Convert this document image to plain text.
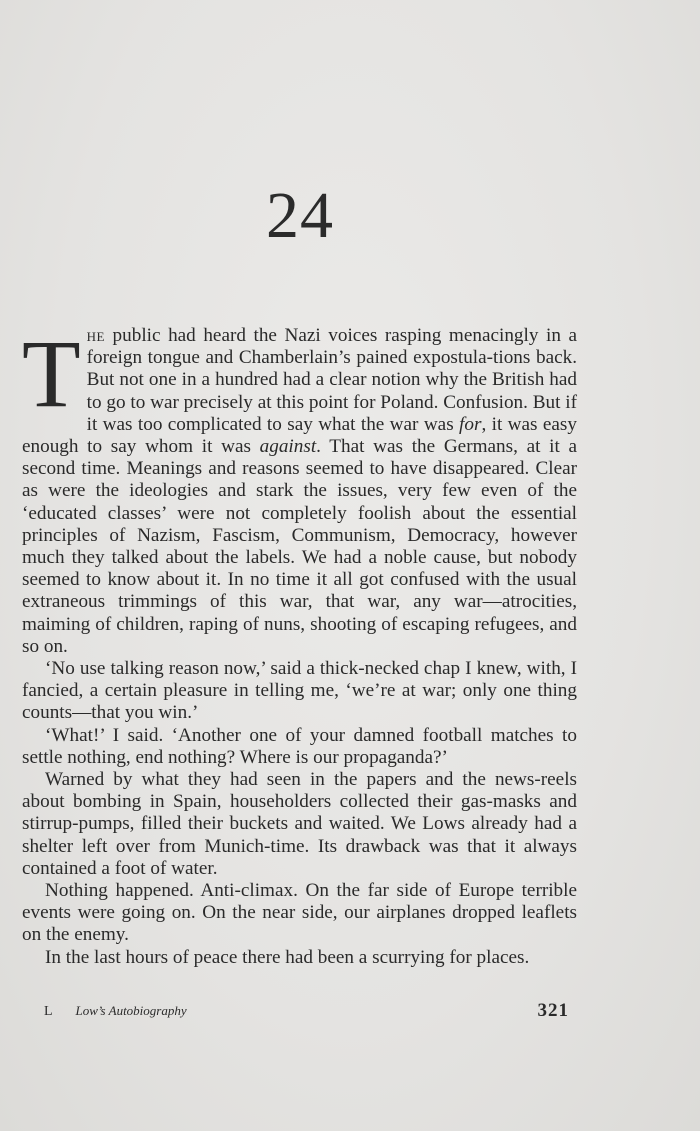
24

The public had heard the Nazi voices rasping menacingly in a foreign tongue and Chamberlain’s pained expostula-tions back. But not one in a hundred had a clear notion why the British had to go to war precisely at this point for Poland. Confusion. But if it was too complicated to say what the war was for, it was easy enough to say whom it was against. That was the Germans, at it a second time. Meanings and reasons seemed to have disappeared. Clear as were the ideologies and stark the issues, very few even of the ‘educated classes’ were not completely foolish about the essential principles of Nazism, Fascism, Communism, Democracy, however much they talked about the labels. We had a noble cause, but nobody seemed to know about it. In no time it all got confused with the usual extraneous trimmings of this war, that war, any war—atrocities, maiming of children, raping of nuns, shooting of escaping refugees, and so on.

‘No use talking reason now,’ said a thick-necked chap I knew, with, I fancied, a certain pleasure in telling me, ‘we’re at war; only one thing counts—that you win.’

‘What!’ I said. ‘Another one of your damned football matches to settle nothing, end nothing? Where is our propaganda?’

Warned by what they had seen in the papers and the news-reels about bombing in Spain, householders collected their gas-masks and stirrup-pumps, filled their buckets and waited. We Lows already had a shelter left over from Munich-time. Its drawback was that it always contained a foot of water.

Nothing happened. Anti-climax. On the far side of Europe terrible events were going on. On the near side, our airplanes dropped leaflets on the enemy.

In the last hours of peace there had been a scurrying for places.

L Low’s Autobiography	321
